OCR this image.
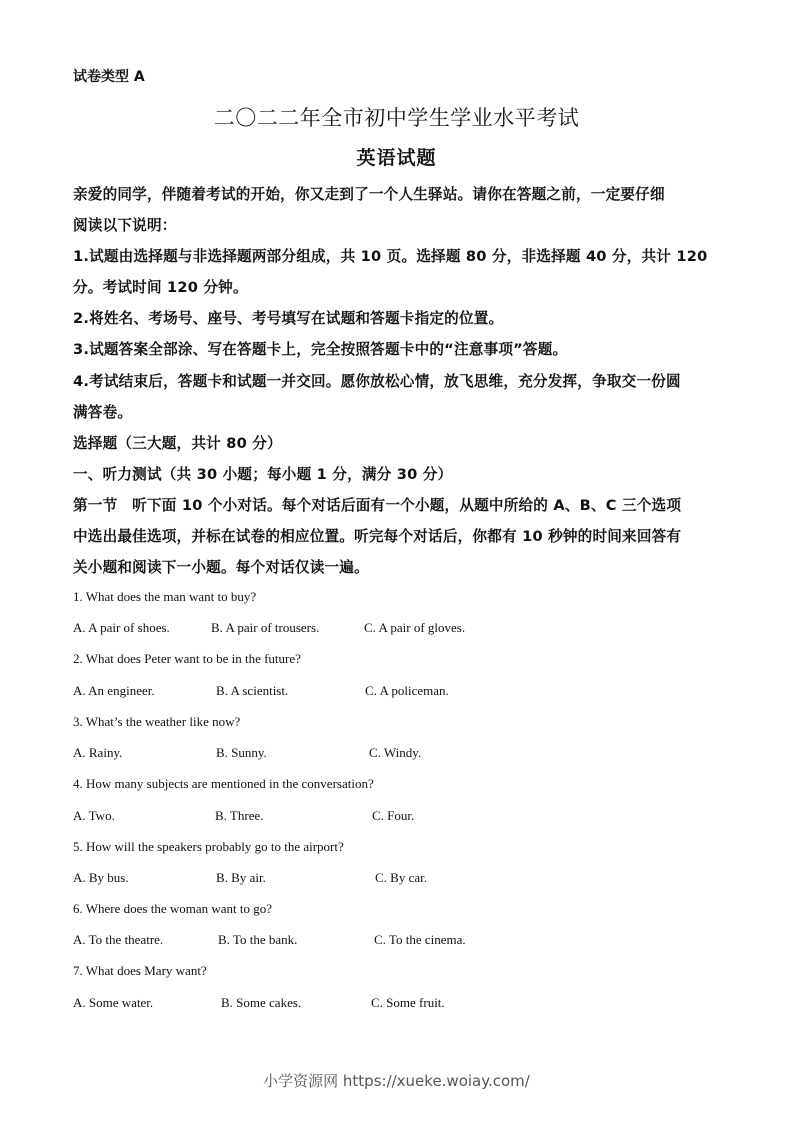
试卷类型 A
二〇二二年全市初中学生学业水平考试
英语试题
亲爱的同学，伴随着考试的开始，你又走到了一个人生驿站。请你在答题之前，一定要仔细
阅读以下说明：
1.试题由选择题与非选择题两部分组成，共 10 页。选择题 80 分，非选择题 40 分，共计 120
分。考试时间 120 分钟。
2.将姓名、考场号、座号、考号填写在试题和答题卡指定的位置。
3.试题答案全部涂、写在答题卡上，完全按照答题卡中的“注意事项”答题。
4.考试结束后，答题卡和试题一并交回。愿你放松心情，放飞思维，充分发挥，争取交一份圆
满答卷。
选择题（三大题，共计 80 分）
一、听力测试（共 30 小题；每小题 1 分，满分 30 分）
第一节　听下面 10 个小对话。每个对话后面有一个小题，从题中所给的 A、B、C 三个选项
中选出最佳选项，并标在试卷的相应位置。听完每个对话后，你都有 10 秒钟的时间来回答有
关小题和阅读下一小题。每个对话仅读一遍。
1. What does the man want to buy?
A. A pair of shoes.	B. A pair of trousers.	C. A pair of gloves.
2. What does Peter want to be in the future?
A. An engineer.	B. A scientist.	C. A policeman.
3. What’s the weather like now?
A. Rainy.	B. Sunny.	C. Windy.
4. How many subjects are mentioned in the conversation?
A. Two.	B. Three.	C. Four.
5. How will the speakers probably go to the airport?
A. By bus.	B. By air.	C. By car.
6. Where does the woman want to go?
A. To the theatre.	B. To the bank.	C. To the cinema.
7. What does Mary want?
A. Some water.	B. Some cakes.	C. Some fruit.
小学资源网 https://xueke.woiay.com/
